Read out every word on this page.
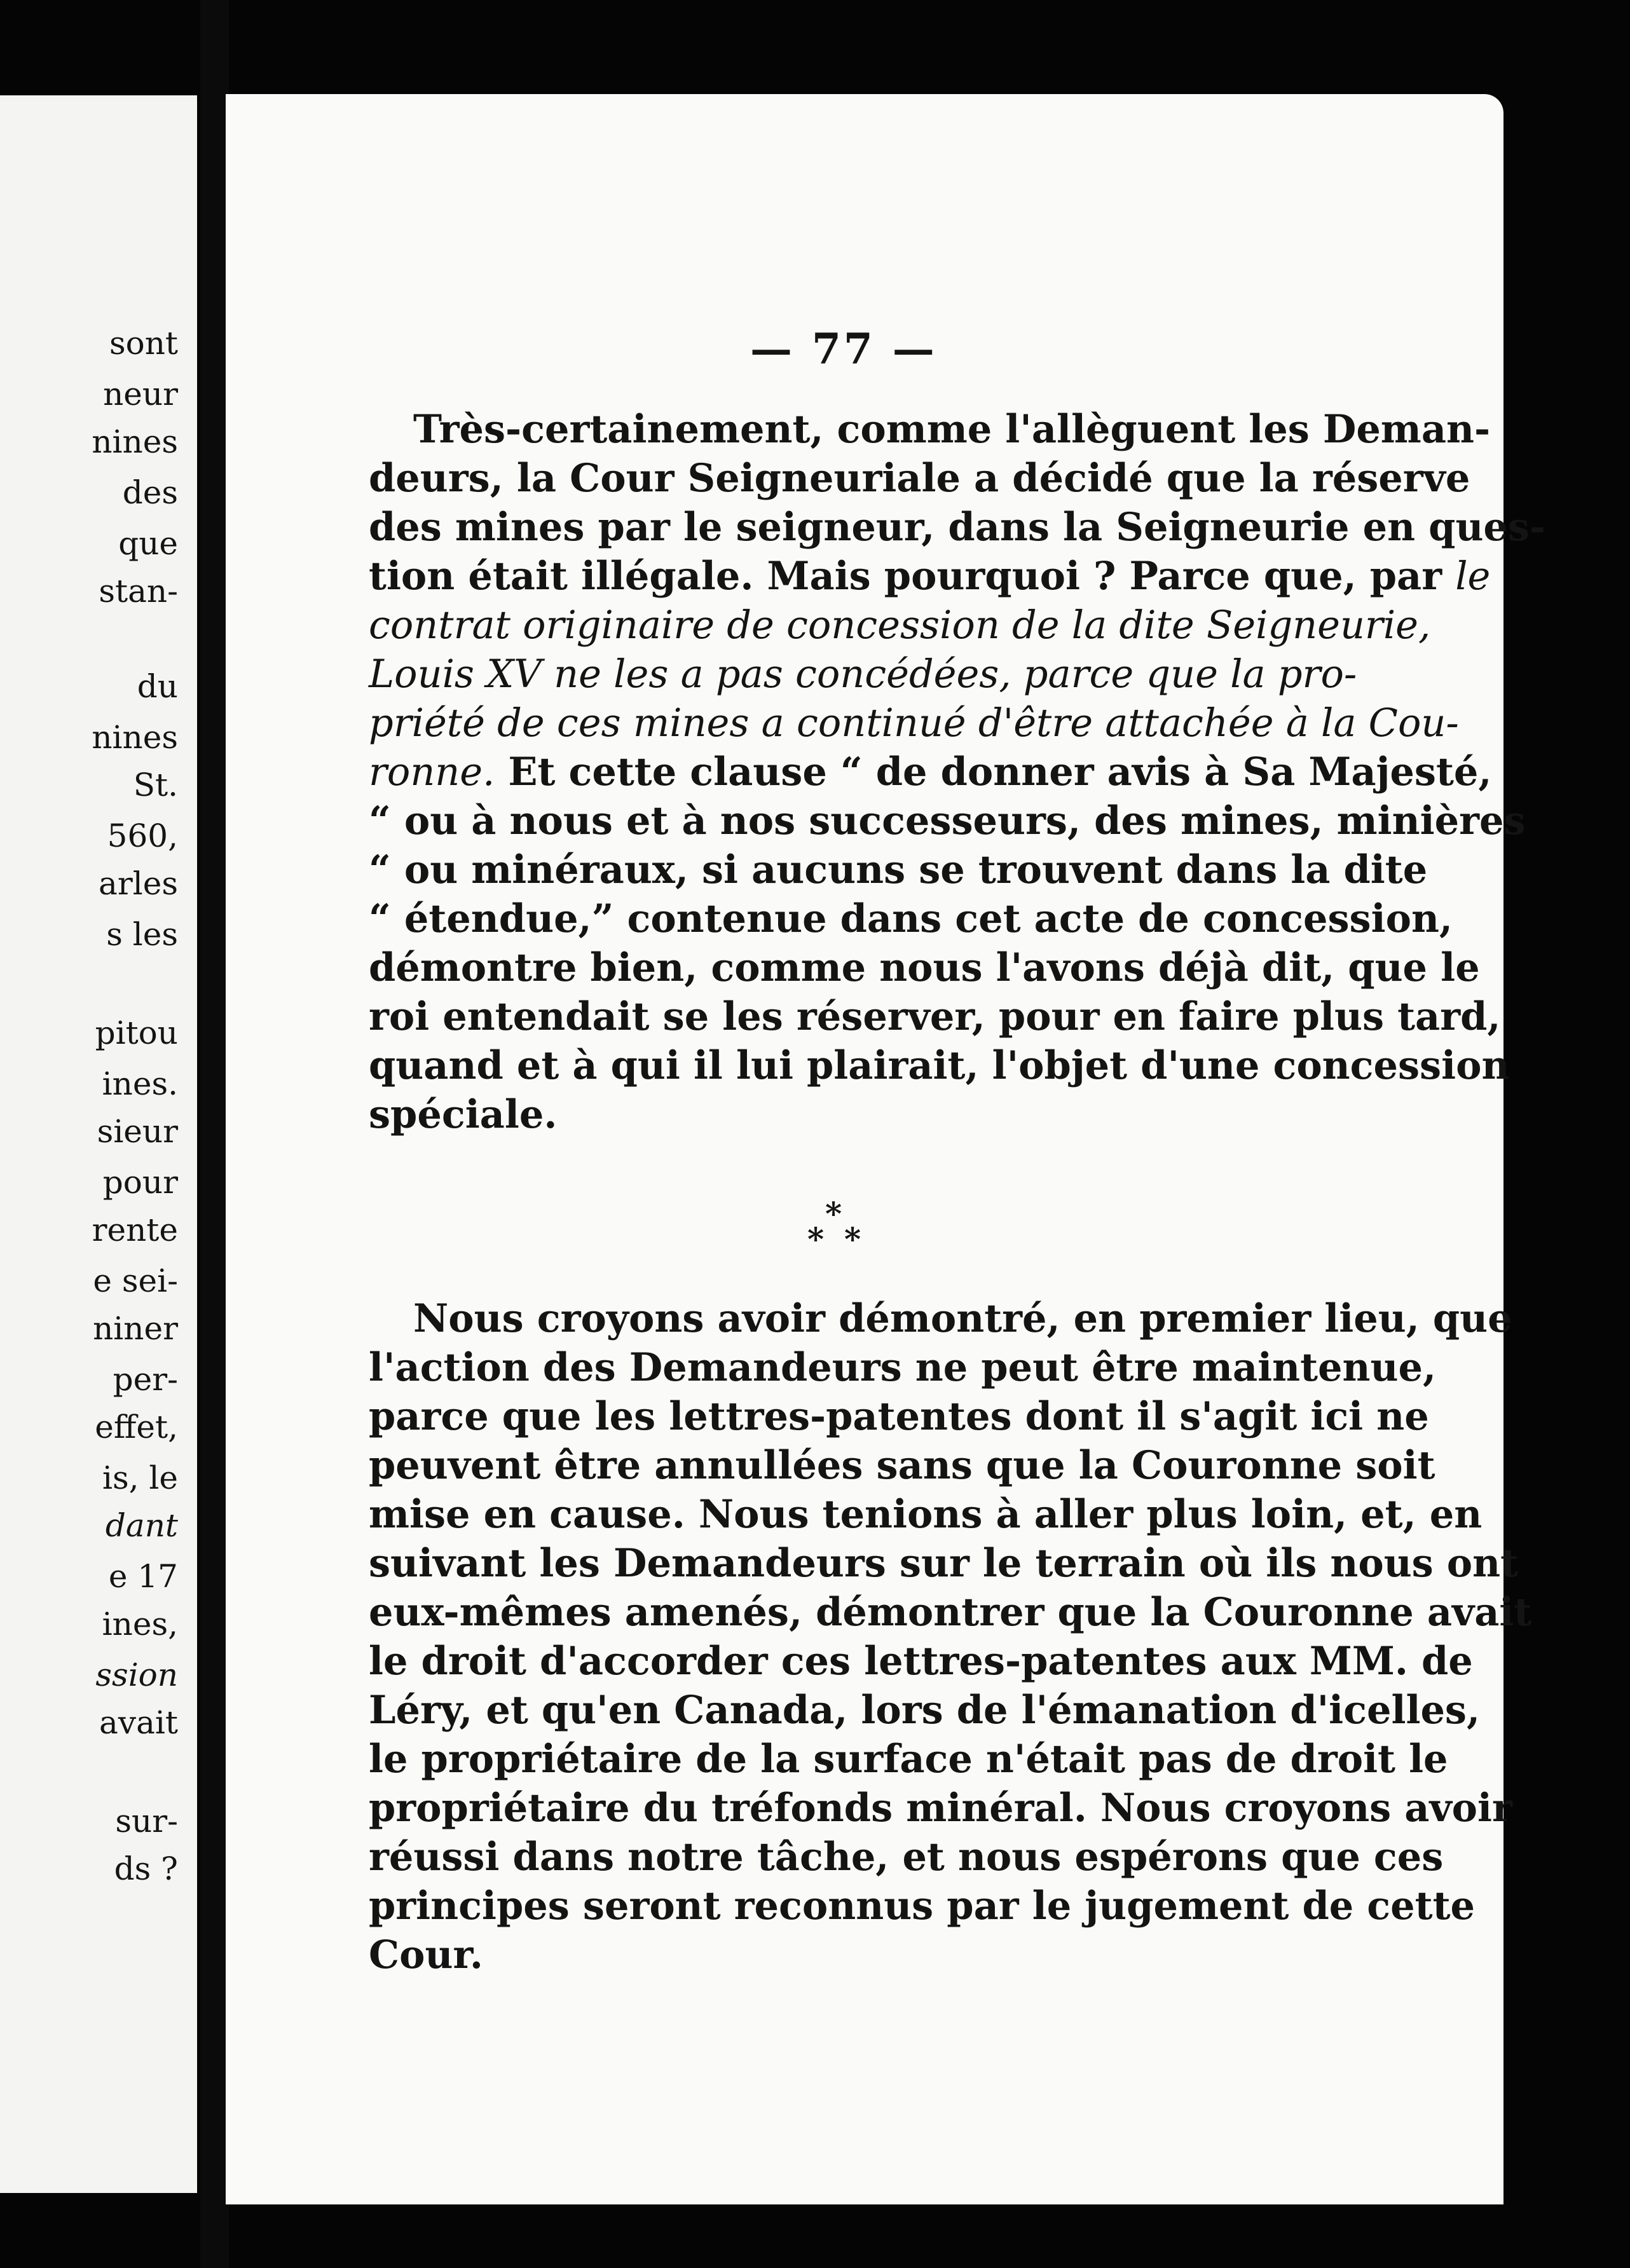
sont
neur
nines
des
que
stan-
du
nines
St.
560,
arles
s les
pitou
ines.
sieur
pour
rente
e sei-
niner
per-
effet,
is, le
dant
e 17
ines,
ssion
avait
sur-
ds ?
— 77 —
Très-certainement, comme l'allèguent les Deman-
deurs, la Cour Seigneuriale a décidé que la réserve
des mines par le seigneur, dans la Seigneurie en ques-
tion était illégale. Mais pourquoi ? Parce que, par le
contrat originaire de concession de la dite Seigneurie,
Louis XV ne les a pas concédées, parce que la pro-
priété de ces mines a continué d'être attachée à la Cou-
ronne. Et cette clause “ de donner avis à Sa Majesté,
“ ou à nous et à nos successeurs, des mines, minières
“ ou minéraux, si aucuns se trouvent dans la dite
“ étendue,” contenue dans cet acte de concession,
démontre bien, comme nous l'avons déjà dit, que le
roi entendait se les réserver, pour en faire plus tard,
quand et à qui il lui plairait, l'objet d'une concession
spéciale.
*
* *
Nous croyons avoir démontré, en premier lieu, que
l'action des Demandeurs ne peut être maintenue,
parce que les lettres-patentes dont il s'agit ici ne
peuvent être annullées sans que la Couronne soit
mise en cause. Nous tenions à aller plus loin, et, en
suivant les Demandeurs sur le terrain où ils nous ont
eux-mêmes amenés, démontrer que la Couronne avait
le droit d'accorder ces lettres-patentes aux MM. de
Léry, et qu'en Canada, lors de l'émanation d'icelles,
le propriétaire de la surface n'était pas de droit le
propriétaire du tréfonds minéral. Nous croyons avoir
réussi dans notre tâche, et nous espérons que ces
principes seront reconnus par le jugement de cette
Cour.
